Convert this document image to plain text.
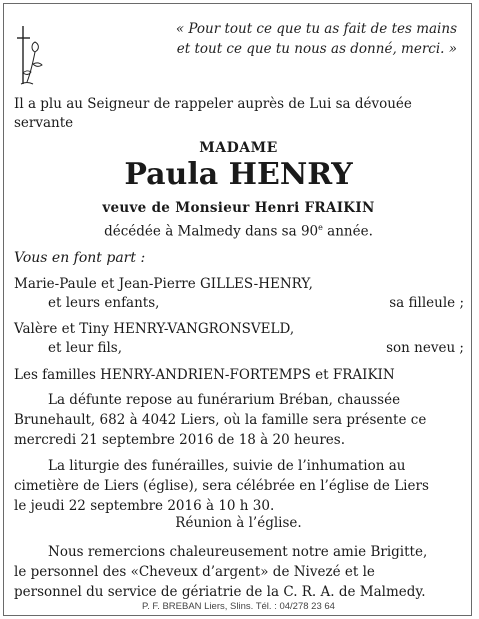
« Pour tout ce que tu as fait de tes mains
et tout ce que tu nous as donné, merci. »
Il a plu au Seigneur de rappeler auprès de Lui sa dévouée
servante
MADAME
Paula HENRY
veuve de Monsieur Henri FRAIKIN
décédée à Malmedy dans sa 90e année.
Vous en font part :
Marie-Paule et Jean-Pierre GILLES-HENRY,
et leurs enfants,	sa filleule ;
Valère et Tiny HENRY-VANGRONSVELD,
et leur fils,	son neveu ;
Les familles HENRY-ANDRIEN-FORTEMPS et FRAIKIN
La défunte repose au funérarium Bréban, chaussée
Brunehault, 682 à 4042 Liers, où la famille sera présente ce
mercredi 21 septembre 2016 de 18 à 20 heures.
La liturgie des funérailles, suivie de l’inhumation au
cimetière de Liers (église), sera célébrée en l’église de Liers
le jeudi 22 septembre 2016 à 10 h 30.
Réunion à l’église.
Nous remercions chaleureusement notre amie Brigitte,
le personnel des «Cheveux d’argent» de Nivezé et le
personnel du service de gériatrie de la C. R. A. de Malmedy.
P. F. BREBAN Liers, Slins. Tél. : 04/278 23 64
